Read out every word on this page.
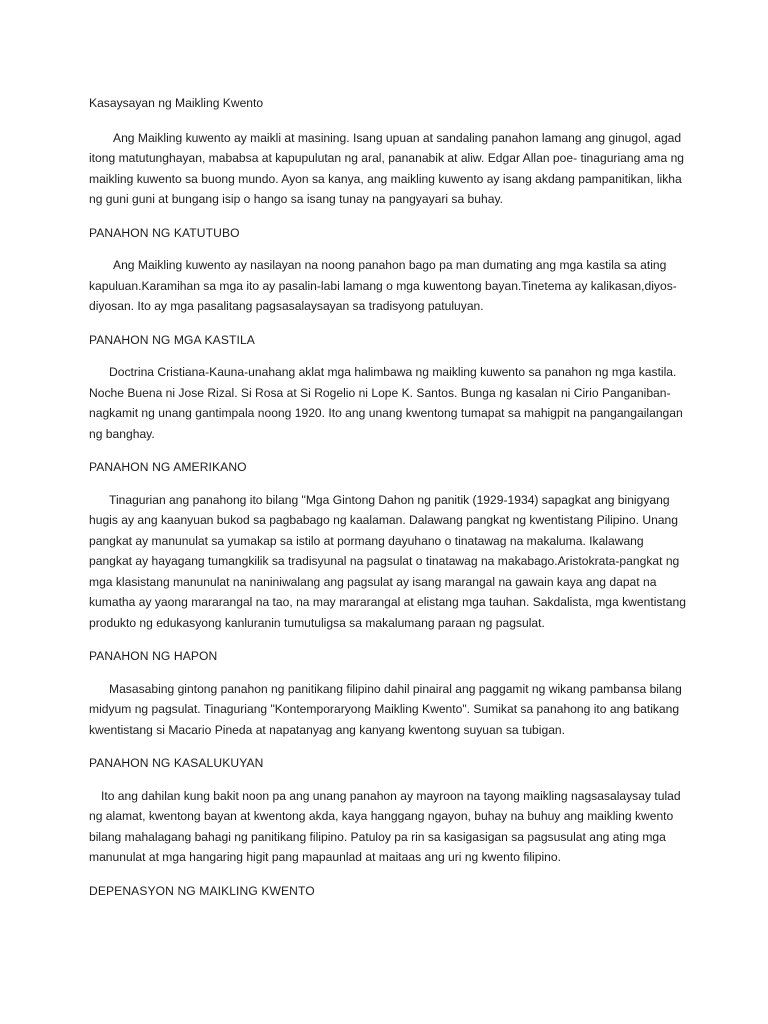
Kasaysayan ng Maikling Kwento

Ang Maikling kuwento ay maikli at masining. Isang upuan at sandaling panahon lamang ang ginugol, agad itong matutunghayan, mababsa at kapupulutan ng aral, pananabik at aliw. Edgar Allan poe- tinaguriang ama ng maikling kuwento sa buong mundo. Ayon sa kanya, ang maikling kuwento ay isang akdang pampanitikan, likha ng guni guni at bungang isip o hango sa isang tunay na pangyayari sa buhay.

PANAHON NG KATUTUBO

Ang Maikling kuwento ay nasilayan na noong panahon bago pa man dumating ang mga kastila sa ating kapuluan.Karamihan sa mga ito ay pasalin-labi lamang o mga kuwentong bayan.Tinetema ay kalikasan,diyos-diyosan. Ito ay mga pasalitang pagsasalaysayan sa tradisyong patuluyan.

PANAHON NG MGA KASTILA

Doctrina Cristiana-Kauna-unahang aklat mga halimbawa ng maikling kuwento sa panahon ng mga kastila. Noche Buena ni Jose Rizal. Si Rosa at Si Rogelio ni Lope K. Santos. Bunga ng kasalan ni Cirio Panganiban-nagkamit ng unang gantimpala noong 1920. Ito ang unang kwentong tumapat sa mahigpit na pangangailangan ng banghay.

PANAHON NG AMERIKANO

Tinagurian ang panahong ito bilang "Mga Gintong Dahon ng panitik (1929-1934) sapagkat ang binigyang hugis ay ang kaanyuan bukod sa pagbabago ng kaalaman. Dalawang pangkat ng kwentistang Pilipino. Unang pangkat ay manunulat sa yumakap sa istilo at pormang dayuhano o tinatawag na makaluma. Ikalawang pangkat ay hayagang tumangkilik sa tradisyunal na pagsulat o tinatawag na makabago.Aristokrata-pangkat ng mga klasistang manunulat na naniniwalang ang pagsulat ay isang marangal na gawain kaya ang dapat na kumatha ay yaong mararangal na tao, na may mararangal at elistang mga tauhan. Sakdalista, mga kwentistang produkto ng edukasyong kanluranin tumutuligsa sa makalumang paraan ng pagsulat.

PANAHON NG HAPON

Masasabing gintong panahon ng panitikang filipino dahil pinairal ang paggamit ng wikang pambansa bilang midyum ng pagsulat. Tinaguriang "Kontemporaryong Maikling Kwento". Sumikat sa panahong ito ang batikang kwentistang si Macario Pineda at napatanyag ang kanyang kwentong suyuan sa tubigan.

PANAHON NG KASALUKUYAN

Ito ang dahilan kung bakit noon pa ang unang panahon ay mayroon na tayong maikling nagsasalaysay tulad ng alamat, kwentong bayan at kwentong akda, kaya hanggang ngayon, buhay na buhuy ang maikling kwento bilang mahalagang bahagi ng panitikang filipino. Patuloy pa rin sa kasigasigan sa pagsusulat ang ating mga manunulat at mga hangaring higit pang mapaunlad at maitaas ang uri ng kwento filipino.

DEPENASYON NG MAIKLING KWENTO
